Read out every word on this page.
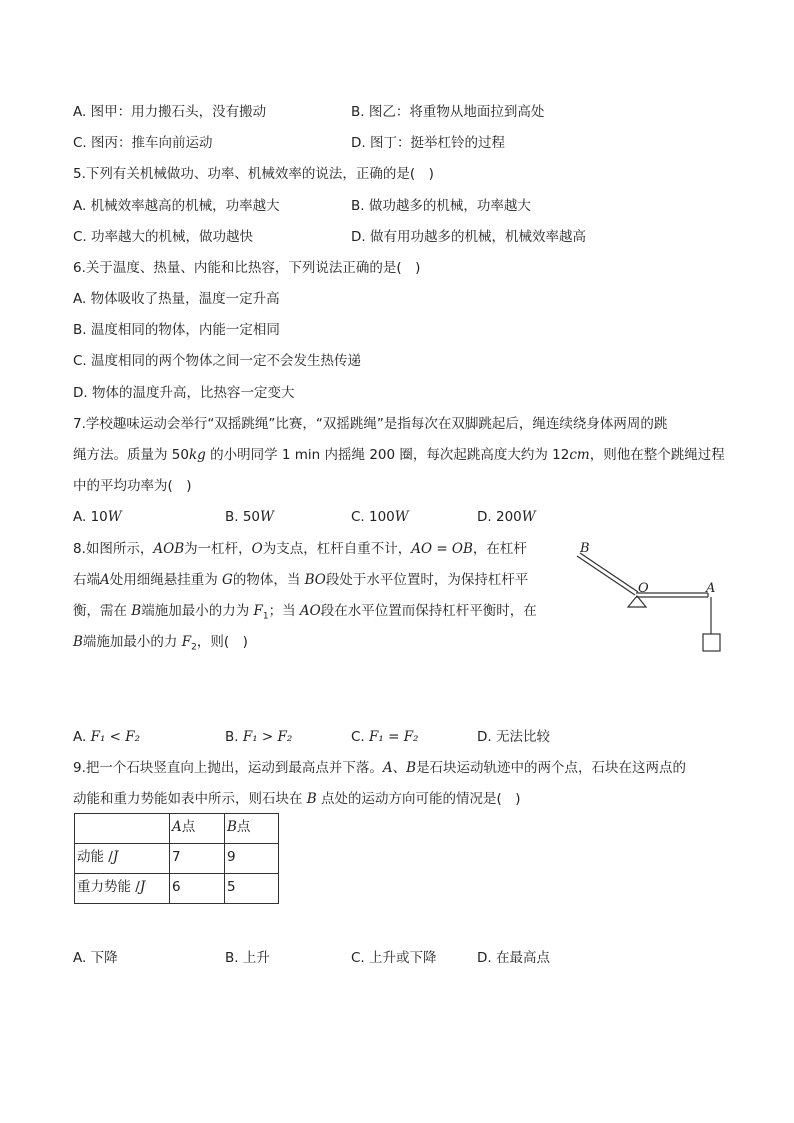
A. 图甲：用力搬石头，没有搬动	B. 图乙：将重物从地面拉到高处
C. 图丙：推车向前运动	D. 图丁：挺举杠铃的过程
5.下列有关机械做功、功率、机械效率的说法，正确的是(　)
A. 机械效率越高的机械，功率越大	B. 做功越多的机械，功率越大
C. 功率越大的机械，做功越快	D. 做有用功越多的机械，机械效率越高
6.关于温度、热量、内能和比热容，下列说法正确的是(　)
A. 物体吸收了热量，温度一定升高
B. 温度相同的物体，内能一定相同
C. 温度相同的两个物体之间一定不会发生热传递
D. 物体的温度升高，比热容一定变大
7.学校趣味运动会举行“双摇跳绳”比赛，“双摇跳绳”是指每次在双脚跳起后，绳连续绕身体两周的跳
绳方法。质量为 50kg 的小明同学 1 min 内摇绳 200 圈，每次起跳高度大约为 12cm，则他在整个跳绳过程
中的平均功率为(　)
A. 10W	B. 50W	C. 100W	D. 200W
8.如图所示，AOB为一杠杆，O为支点，杠杆自重不计，AO = OB，在杠杆
右端A处用细绳悬挂重为 G的物体，当 BO段处于水平位置时，为保持杠杆平
衡，需在 B端施加最小的力为 $F_1$；当 AO段在水平位置而保持杠杆平衡时，在
B端施加最小的力 $F_2$，则(　)
B
O	A
A. F₁ < F₂	B. F₁ > F₂	C. F₁ = F₂	D. 无法比较
9.把一个石块竖直向上抛出，运动到最高点并下落。A、B是石块运动轨迹中的两个点，石块在这两点的
动能和重力势能如表中所示，则石块在 B 点处的运动方向可能的情况是(　)
	A点	B点
动能 /J	7	9
重力势能 /J	6	5
A. 下降	B. 上升	C. 上升或下降	D. 在最高点
